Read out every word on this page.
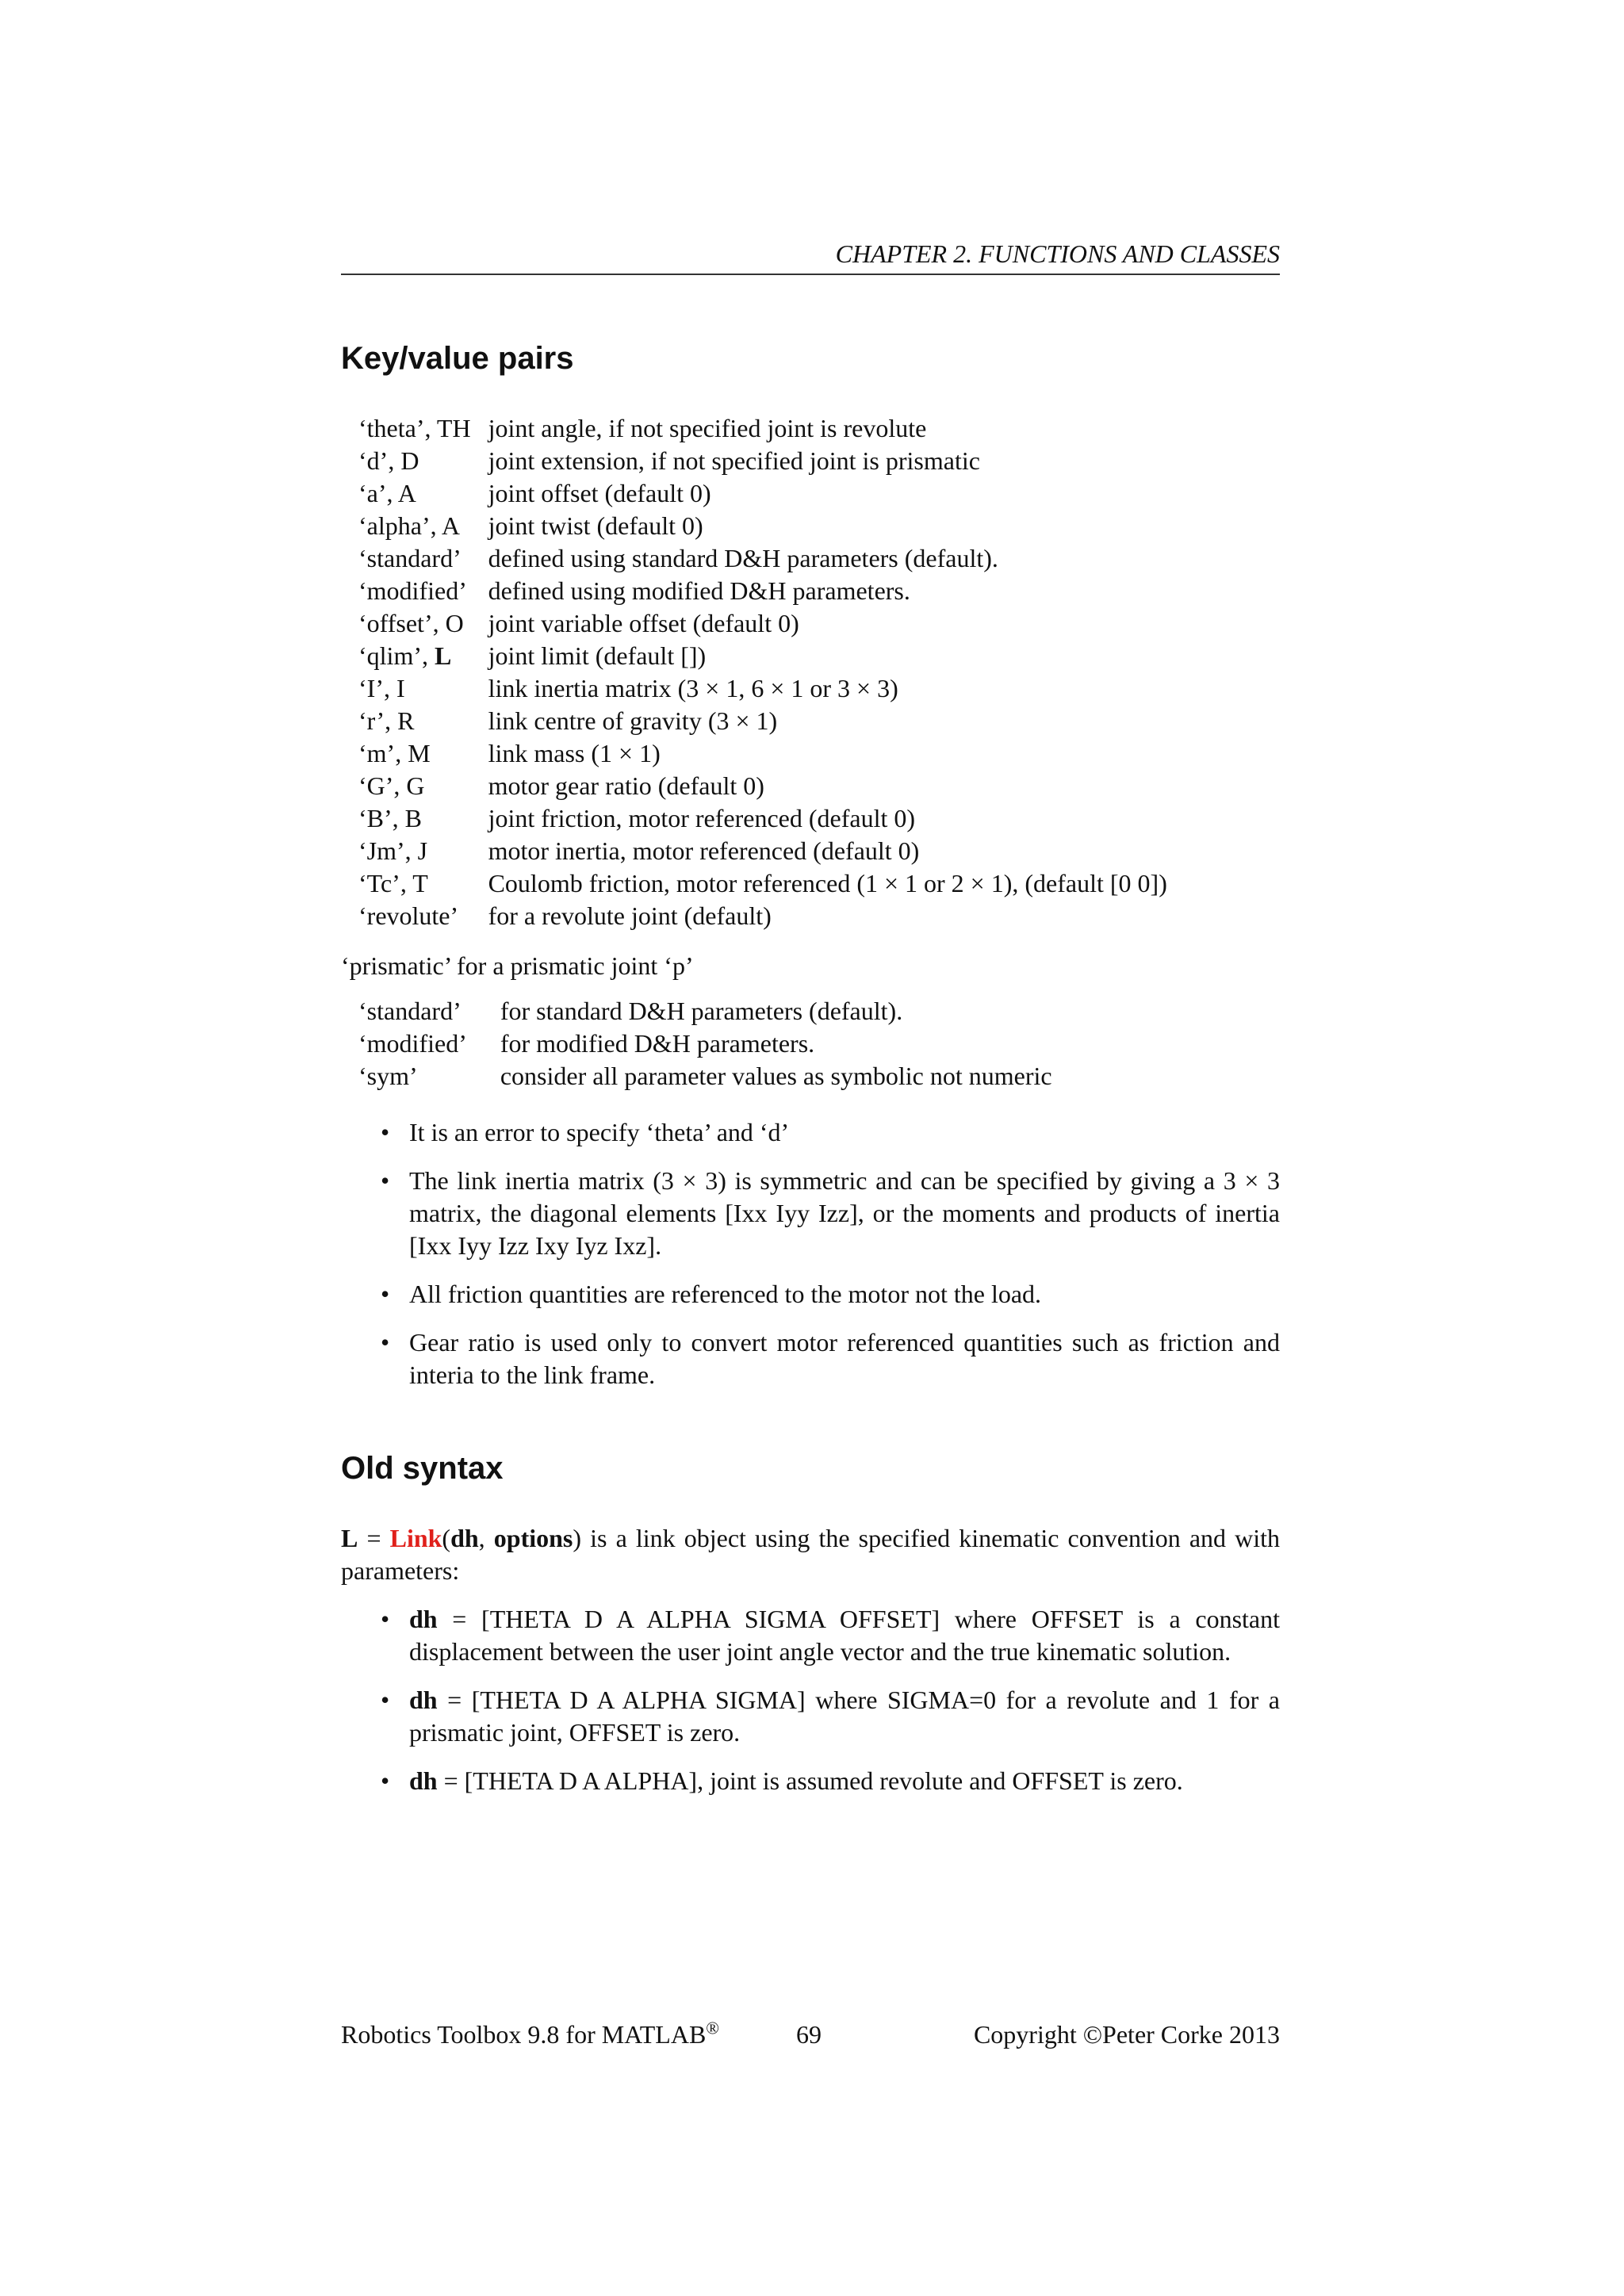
CHAPTER 2. FUNCTIONS AND CLASSES
Key/value pairs
‘theta’, TH	joint angle, if not specified joint is revolute
‘d’, D	joint extension, if not specified joint is prismatic
‘a’, A	joint offset (default 0)
‘alpha’, A	joint twist (default 0)
‘standard’	defined using standard D&H parameters (default).
‘modified’	defined using modified D&H parameters.
‘offset’, O	joint variable offset (default 0)
‘qlim’, L	joint limit (default [])
‘I’, I	link inertia matrix (3 × 1, 6 × 1 or 3 × 3)
‘r’, R	link centre of gravity (3 × 1)
‘m’, M	link mass (1 × 1)
‘G’, G	motor gear ratio (default 0)
‘B’, B	joint friction, motor referenced (default 0)
‘Jm’, J	motor inertia, motor referenced (default 0)
‘Tc’, T	Coulomb friction, motor referenced (1 × 1 or 2 × 1), (default [0 0])
‘revolute’	for a revolute joint (default)
‘prismatic’ for a prismatic joint ‘p’
‘standard’	for standard D&H parameters (default).
‘modified’	for modified D&H parameters.
‘sym’	consider all parameter values as symbolic not numeric
• It is an error to specify ‘theta’ and ‘d’
• The link inertia matrix (3 × 3) is symmetric and can be specified by giving a 3 × 3 matrix, the diagonal elements [Ixx Iyy Izz], or the moments and products of inertia [Ixx Iyy Izz Ixy Iyz Ixz].
• All friction quantities are referenced to the motor not the load.
• Gear ratio is used only to convert motor referenced quantities such as friction and interia to the link frame.
Old syntax
L = Link(dh, options) is a link object using the specified kinematic convention and with parameters:
• dh = [THETA D A ALPHA SIGMA OFFSET] where OFFSET is a constant displacement between the user joint angle vector and the true kinematic solution.
• dh = [THETA D A ALPHA SIGMA] where SIGMA=0 for a revolute and 1 for a prismatic joint, OFFSET is zero.
• dh = [THETA D A ALPHA], joint is assumed revolute and OFFSET is zero.
Robotics Toolbox 9.8 for MATLAB®	69	Copyright ©Peter Corke 2013
